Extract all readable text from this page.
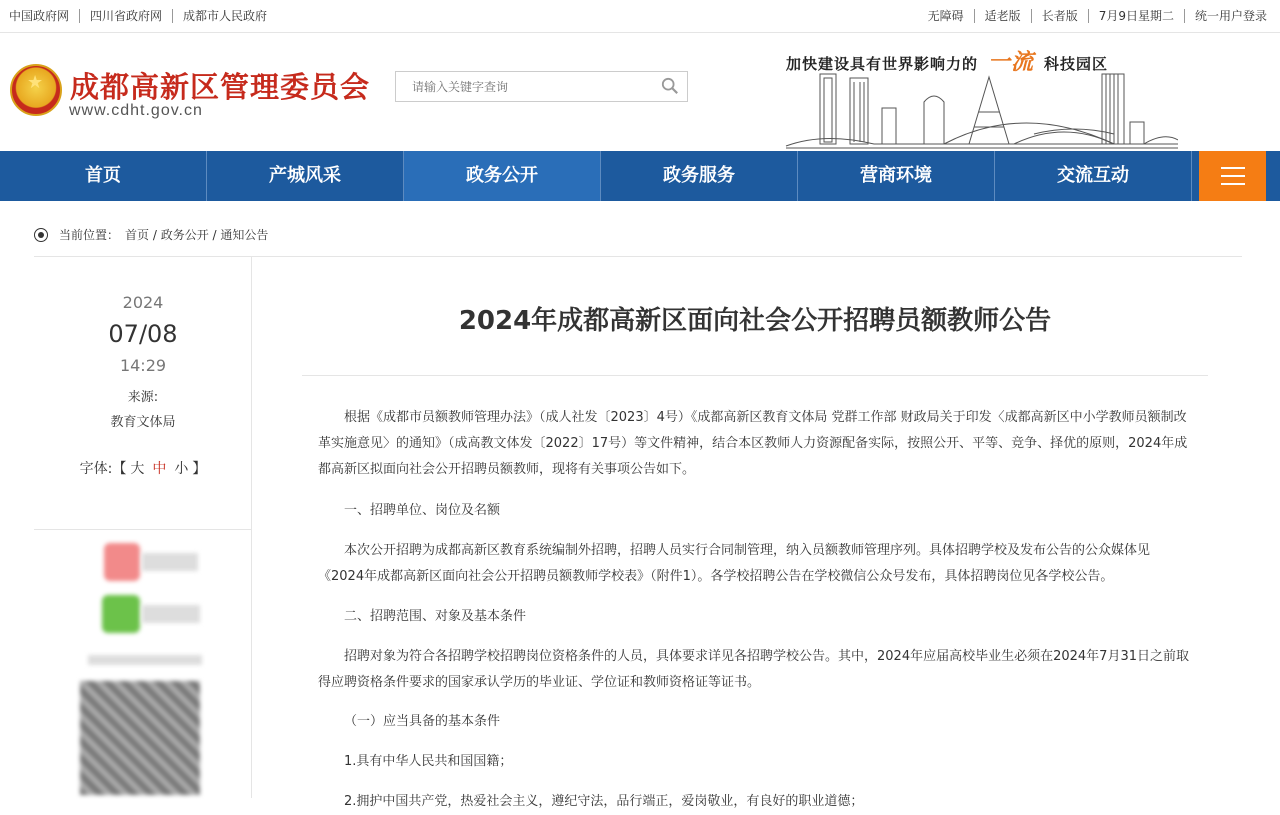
中国政府网	四川省政府网	成都市人民政府	无障碍	适老版	长者版	7月9日星期二	统一用户登录
★
成都高新区管理委员会
www.cdht.gov.cn
请输入关键字查询
加快建设具有世界影响力的 一流 科技园区
首页	产城风采	政务公开	政务服务	营商环境	交流互动
当前位置： 首页 / 政务公开 / 通知公告
2024
07/08
14:29
来源:
教育文体局
字体:【 大 中 小 】
2024年成都高新区面向社会公开招聘员额教师公告

根据《成都市员额教师管理办法》（成人社发〔2023〕4号）《成都高新区教育文体局 党群工作部 财政局关于印发〈成都高新区中小学教师员额制改革实施意见〉的通知》（成高教文体发〔2022〕17号）等文件精神，结合本区教师人力资源配备实际，按照公开、平等、竞争、择优的原则，2024年成都高新区拟面向社会公开招聘员额教师，现将有关事项公告如下。

一、招聘单位、岗位及名额

本次公开招聘为成都高新区教育系统编制外招聘，招聘人员实行合同制管理，纳入员额教师管理序列。具体招聘学校及发布公告的公众媒体见《2024年成都高新区面向社会公开招聘员额教师学校表》（附件1）。各学校招聘公告在学校微信公众号发布，具体招聘岗位见各学校公告。

二、招聘范围、对象及基本条件

招聘对象为符合各招聘学校招聘岗位资格条件的人员，具体要求详见各招聘学校公告。其中，2024年应届高校毕业生必须在2024年7月31日之前取得应聘资格条件要求的国家承认学历的毕业证、学位证和教师资格证等证书。

（一）应当具备的基本条件

1.具有中华人民共和国国籍；

2.拥护中国共产党，热爱社会主义，遵纪守法，品行端正，爱岗敬业，有良好的职业道德；
